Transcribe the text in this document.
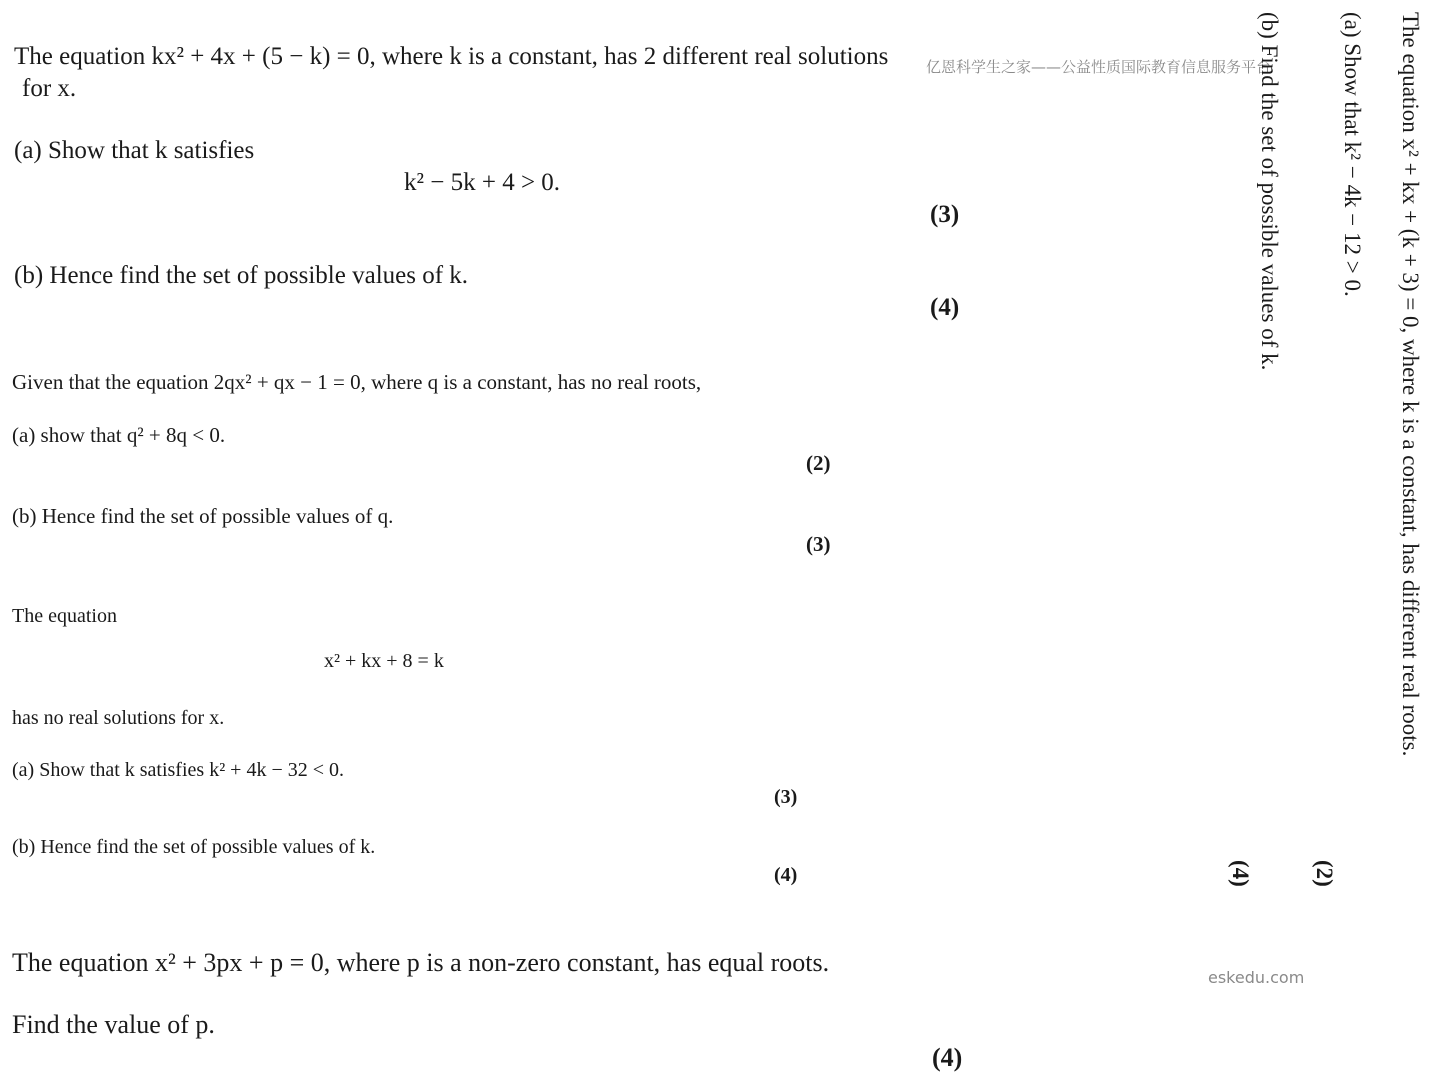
The equation kx² + 4x + (5 − k) = 0, where k is a constant, has 2 different real solutions
for x.
(a) Show that k satisfies
k² − 5k + 4 > 0.
(3)
(b) Hence find the set of possible values of k.
(4)
亿恩科学生之家——公益性质国际教育信息服务平台
eskedu.com
Given that the equation 2qx² + qx − 1 = 0, where q is a constant, has no real roots,
(a) show that q² + 8q < 0.
(2)
(b) Hence find the set of possible values of q.
(3)
The equation
x² + kx + 8 = k
has no real solutions for x.
(a) Show that k satisfies k² + 4k − 32 < 0.
(3)
(b) Hence find the set of possible values of k.
(4)
The equation x² + 3px + p = 0, where p is a non-zero constant, has equal roots.
Find the value of p.
(4)
The equation x² + kx + (k + 3) = 0, where k is a constant, has different real roots.
(a) Show that k² − 4k − 12 > 0.
(b) Find the set of possible values of k.
(2)
(4)
